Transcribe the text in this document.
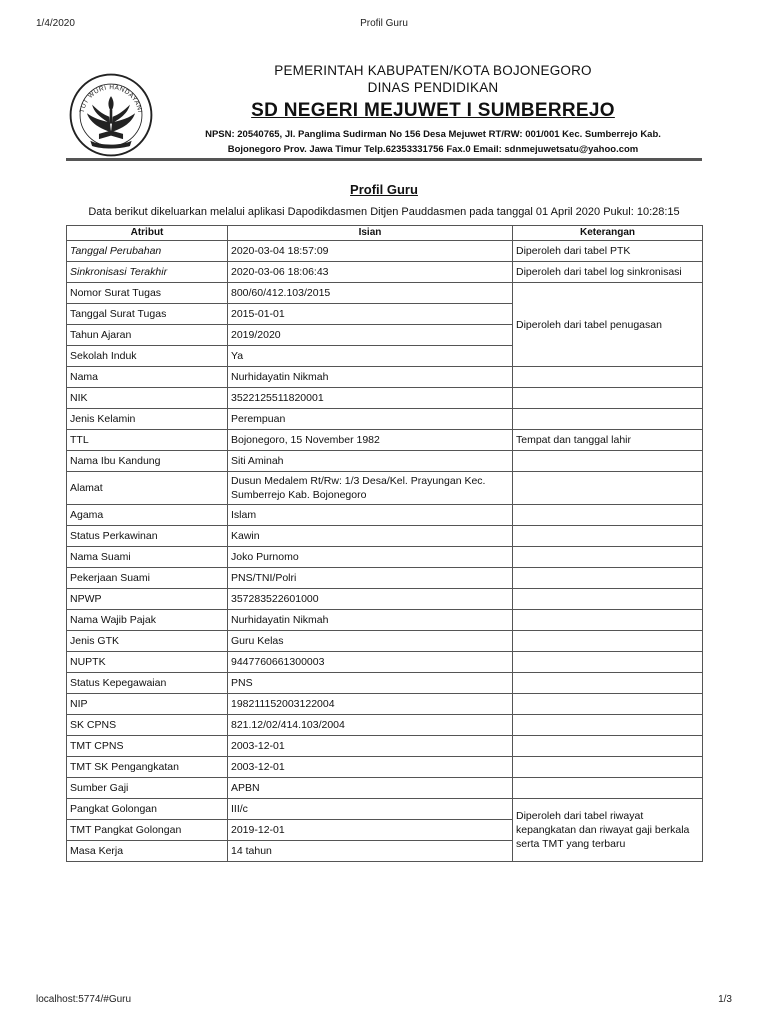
1/4/2020	Profil Guru
TUT WURI HANDAYANI
PEMERINTAH KABUPATEN/KOTA BOJONEGORO
DINAS PENDIDIKAN
SD NEGERI MEJUWET I SUMBERREJO
NPSN: 20540765, Jl. Panglima Sudirman No 156 Desa Mejuwet RT/RW: 001/001 Kec. Sumberrejo Kab.
Bojonegoro Prov. Jawa Timur Telp.62353331756 Fax.0 Email: sdnmejuwetsatu@yahoo.com
Profil Guru
Data berikut dikeluarkan melalui aplikasi Dapodikdasmen Ditjen Pauddasmen pada tanggal 01 April 2020 Pukul: 10:28:15
Atribut	Isian	Keterangan
Tanggal Perubahan	2020-03-04 18:57:09	Diperoleh dari tabel PTK
Sinkronisasi Terakhir	2020-03-06 18:06:43	Diperoleh dari tabel log sinkronisasi
Nomor Surat Tugas	800/60/412.103/2015	Diperoleh dari tabel penugasan
Tanggal Surat Tugas	2015-01-01	
Tahun Ajaran	2019/2020	
Sekolah Induk	Ya	
Nama	Nurhidayatin Nikmah	
NIK	3522125511820001	
Jenis Kelamin	Perempuan	
TTL	Bojonegoro, 15 November 1982	Tempat dan tanggal lahir
Nama Ibu Kandung	Siti Aminah	
Alamat	Dusun Medalem Rt/Rw: 1/3 Desa/Kel. Prayungan Kec. Sumberrejo Kab. Bojonegoro	
Agama	Islam	
Status Perkawinan	Kawin	
Nama Suami	Joko Purnomo	
Pekerjaan Suami	PNS/TNI/Polri	
NPWP	357283522601000	
Nama Wajib Pajak	Nurhidayatin Nikmah	
Jenis GTK	Guru Kelas	
NUPTK	9447760661300003	
Status Kepegawaian	PNS	
NIP	198211152003122004	
SK CPNS	821.12/02/414.103/2004	
TMT CPNS	2003-12-01	
TMT SK Pengangkatan	2003-12-01	
Sumber Gaji	APBN	
Pangkat Golongan	III/c	Diperoleh dari tabel riwayat kepangkatan dan riwayat gaji berkala serta TMT yang terbaru
TMT Pangkat Golongan	2019-12-01	
Masa Kerja	14 tahun	
localhost:5774/#Guru	1/3
